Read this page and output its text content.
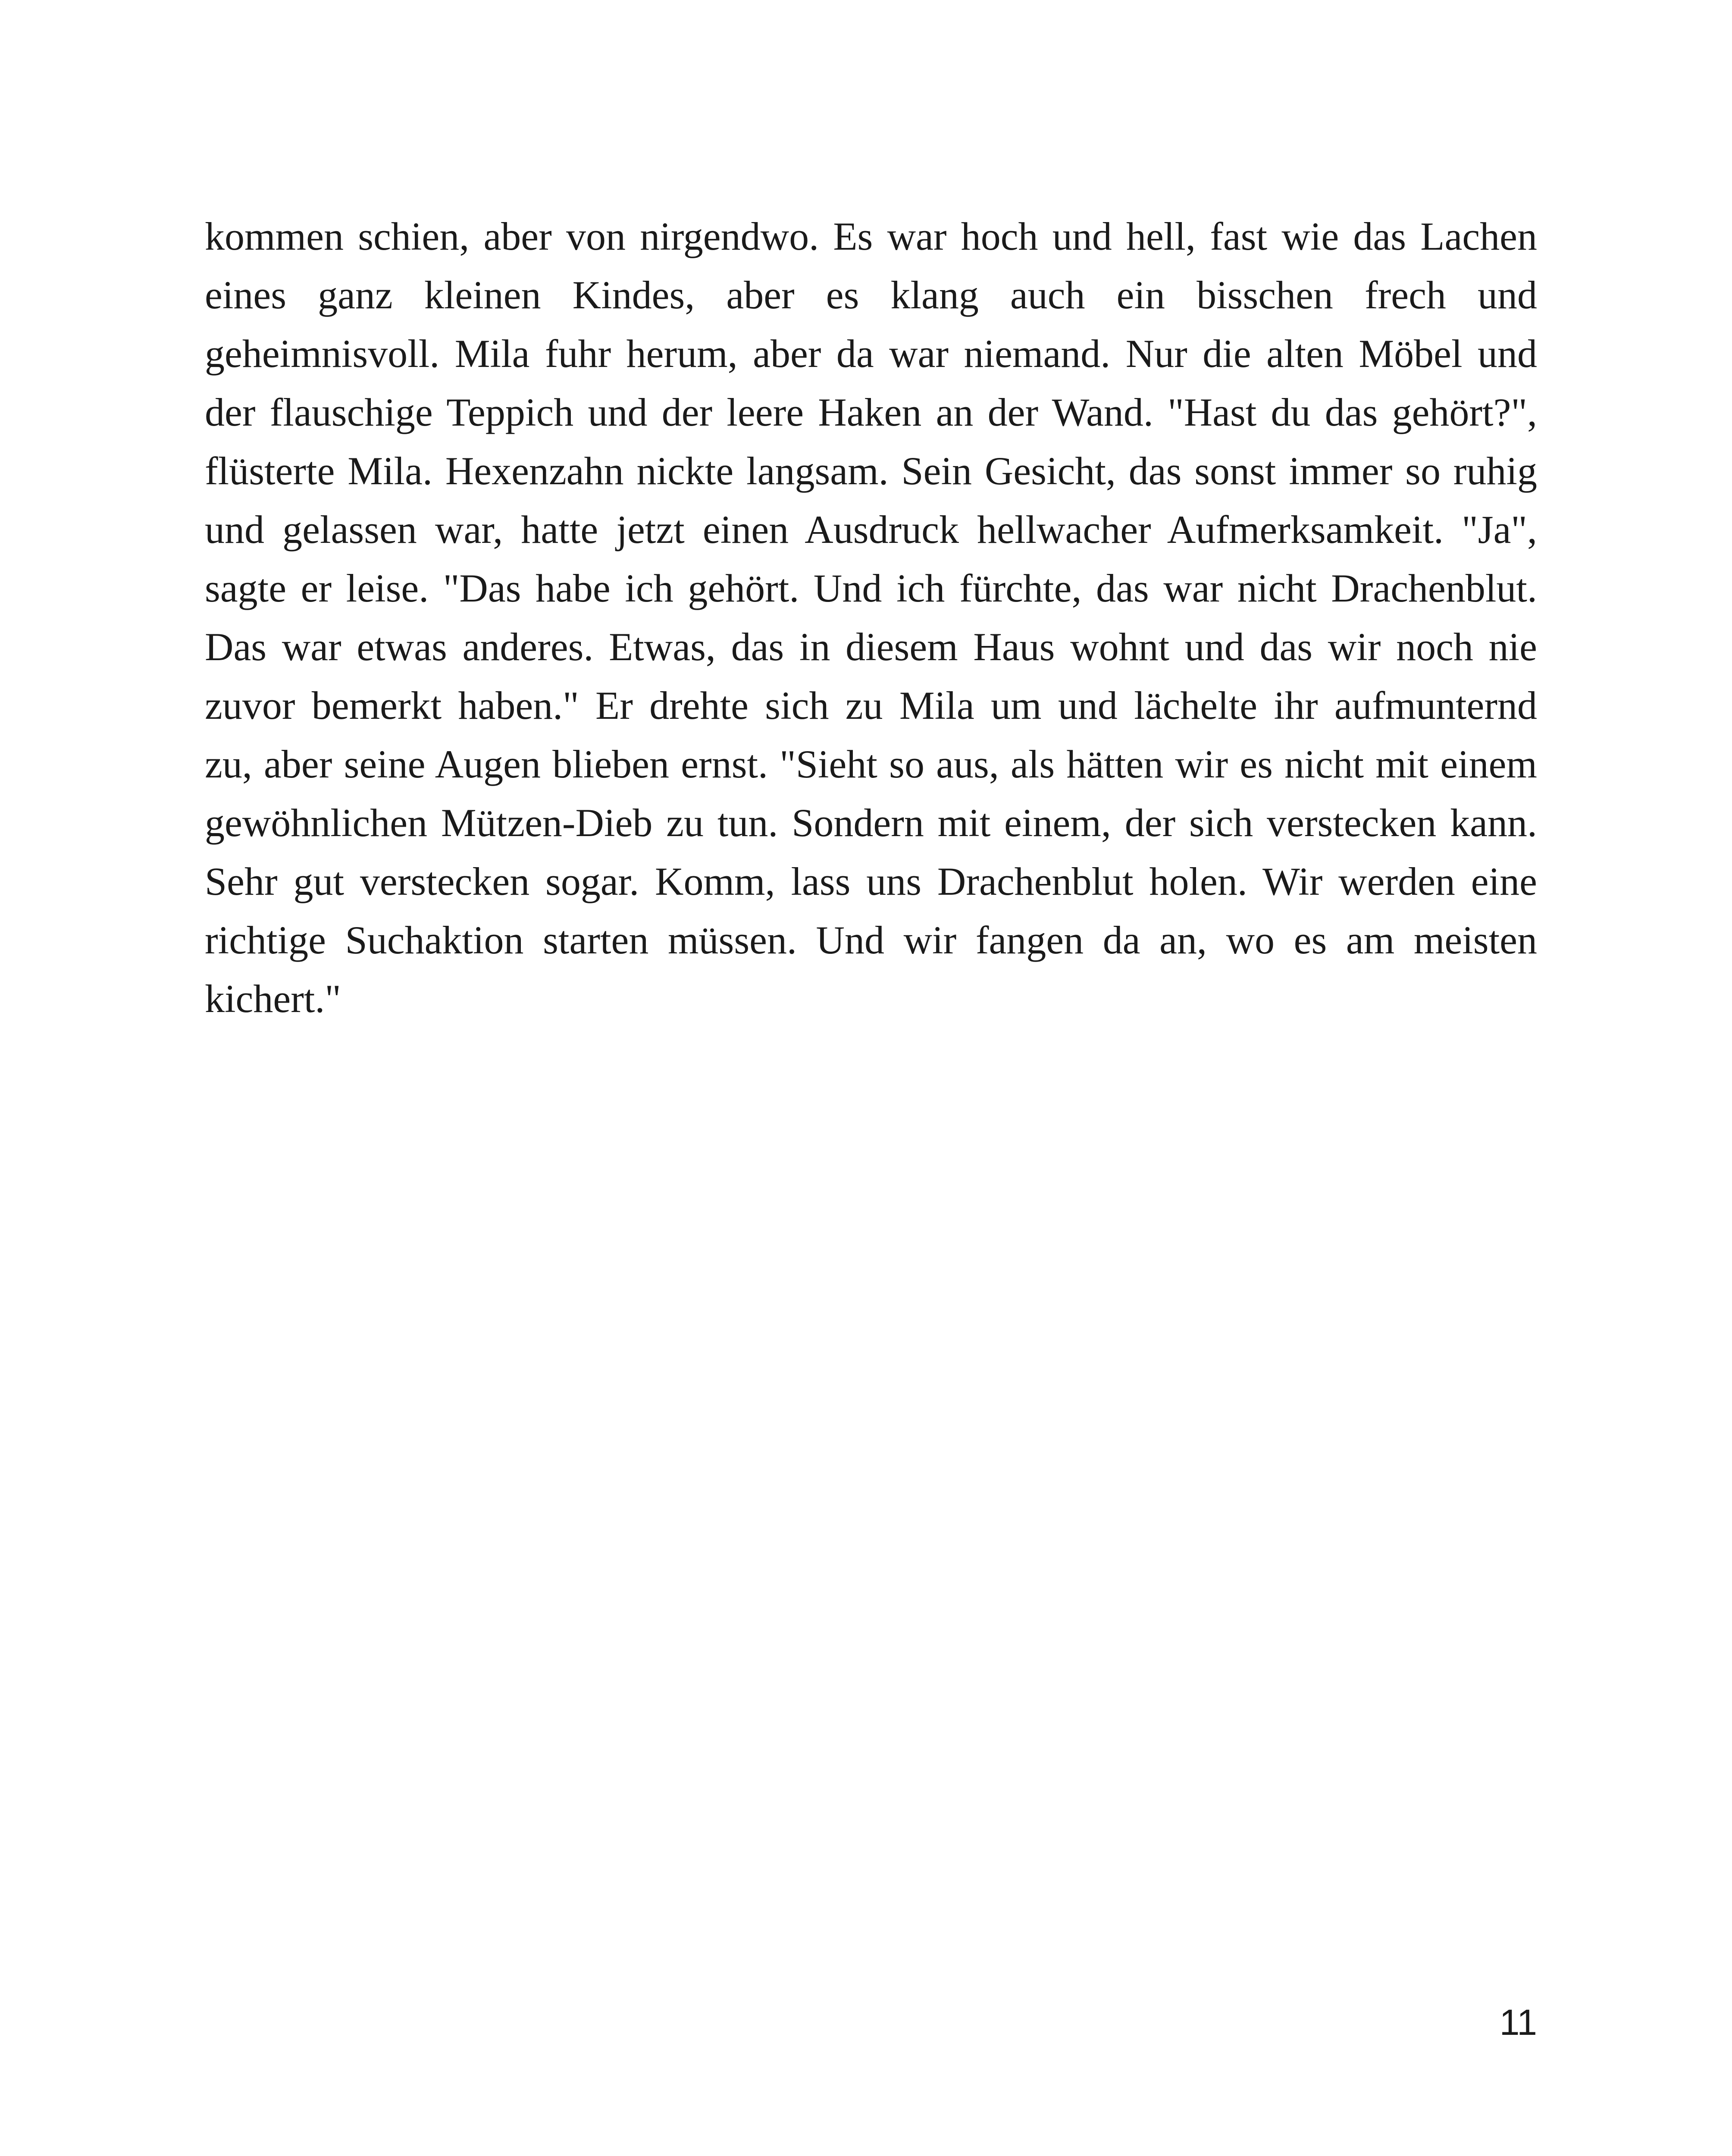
kommen schien, aber von nirgendwo. Es war hoch und hell, fast wie das Lachen
eines ganz kleinen Kindes, aber es klang auch ein bisschen frech und
geheimnisvoll. Mila fuhr herum, aber da war niemand. Nur die alten Möbel und
der flauschige Teppich und der leere Haken an der Wand. "Hast du das gehört?",
flüsterte Mila. Hexenzahn nickte langsam. Sein Gesicht, das sonst immer so ruhig
und gelassen war, hatte jetzt einen Ausdruck hellwacher Aufmerksamkeit. "Ja",
sagte er leise. "Das habe ich gehört. Und ich fürchte, das war nicht Drachenblut.
Das war etwas anderes. Etwas, das in diesem Haus wohnt und das wir noch nie
zuvor bemerkt haben." Er drehte sich zu Mila um und lächelte ihr aufmunternd
zu, aber seine Augen blieben ernst. "Sieht so aus, als hätten wir es nicht mit einem
gewöhnlichen Mützen-Dieb zu tun. Sondern mit einem, der sich verstecken kann.
Sehr gut verstecken sogar. Komm, lass uns Drachenblut holen. Wir werden eine
richtige Suchaktion starten müssen. Und wir fangen da an, wo es am meisten
kichert."
11
